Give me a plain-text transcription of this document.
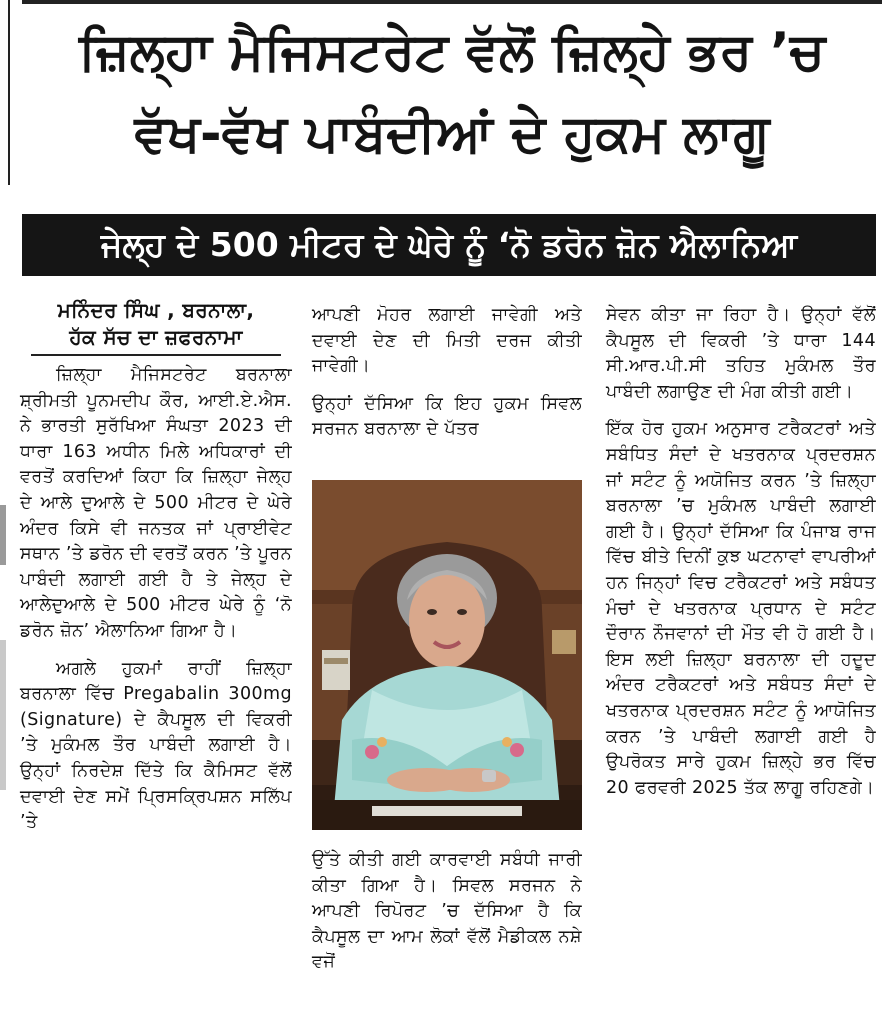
ਜ਼ਿਲ੍ਹਾ ਮੈਜਿਸਟਰੇਟ ਵੱਲੋਂ ਜ਼ਿਲ੍ਹੇ ਭਰ ’ਚ
ਵੱਖ-ਵੱਖ ਪਾਬੰਦੀਆਂ ਦੇ ਹੁਕਮ ਲਾਗੂ
ਜੇਲ੍ਹ ਦੇ 500 ਮੀਟਰ ਦੇ ਘੇਰੇ ਨੂੰ ‘ਨੋ ਡਰੋਨ ਜ਼ੋਨ ਐਲਾਨਿਆ
ਮਨਿੰਦਰ ਸਿੰਘ , ਬਰਨਾਲਾ,
ਹੱਕ ਸੱਚ ਦਾ ਜ਼ਫਰਨਾਮਾ

ਜ਼ਿਲ੍ਹਾ ਮੈਜਿਸਟਰੇਟ ਬਰਨਾਲਾ ਸ਼੍ਰੀਮਤੀ ਪੂਨਮਦੀਪ ਕੌਰ, ਆਈ.ਏ.ਐਸ. ਨੇ ਭਾਰਤੀ ਸੁਰੱਖਿਆ ਸੰਘਤਾ 2023 ਦੀ ਧਾਰਾ 163 ਅਧੀਨ ਮਿਲੇ ਅਧਿਕਾਰਾਂ ਦੀ ਵਰਤੋਂ ਕਰਦਿਆਂ ਕਿਹਾ ਕਿ ਜ਼ਿਲ੍ਹਾ ਜੇਲ੍ਹ ਦੇ ਆਲੇ ਦੁਆਲੇ ਦੇ 500 ਮੀਟਰ ਦੇ ਘੇਰੇ ਅੰਦਰ ਕਿਸੇ ਵੀ ਜਨਤਕ ਜਾਂ ਪ੍ਰਾਈਵੇਟ ਸਥਾਨ ’ਤੇ ਡਰੋਨ ਦੀ ਵਰਤੋਂ ਕਰਨ ’ਤੇ ਪੂਰਨ ਪਾਬੰਦੀ ਲਗਾਈ ਗਈ ਹੈ ਤੇ ਜੇਲ੍ਹ ਦੇ ਆਲੇਦੁਆਲੇ ਦੇ 500 ਮੀਟਰ ਘੇਰੇ ਨੂੰ ‘ਨੋ ਡਰੋਨ ਜ਼ੋਨ’ ਐਲਾਨਿਆ ਗਿਆ ਹੈ।

ਅਗਲੇ ਹੁਕਮਾਂ ਰਾਹੀਂ ਜ਼ਿਲ੍ਹਾ ਬਰਨਾਲਾ ਵਿੱਚ Pregabalin 300mg (Signature) ਦੇ ਕੈਪਸੂਲ ਦੀ ਵਿਕਰੀ ’ਤੇ ਮੁਕੰਮਲ ਤੌਰ ਪਾਬੰਦੀ ਲਗਾਈ ਹੈ। ਉਨ੍ਹਾਂ ਨਿਰਦੇਸ਼ ਦਿੱਤੇ ਕਿ ਕੈਮਿਸਟ ਵੱਲੋਂ ਦਵਾਈ ਦੇਣ ਸਮੇਂ ਪ੍ਰਿਸਕ੍ਰਿਪਸ਼ਨ ਸਲਿੱਪ ’ਤੇ

ਆਪਣੀ ਮੋਹਰ ਲਗਾਈ ਜਾਵੇਗੀ ਅਤੇ ਦਵਾਈ ਦੇਣ ਦੀ ਮਿਤੀ ਦਰਜ ਕੀਤੀ ਜਾਵੇਗੀ।

ਉਨ੍ਹਾਂ ਦੱਸਿਆ ਕਿ ਇਹ ਹੁਕਮ ਸਿਵਲ ਸਰਜਨ ਬਰਨਾਲਾ ਦੇ ਪੱਤਰ

ਉੱਤੇ ਕੀਤੀ ਗਈ ਕਾਰਵਾਈ ਸਬੰਧੀ ਜਾਰੀ ਕੀਤਾ ਗਿਆ ਹੈ। ਸਿਵਲ ਸਰਜਨ ਨੇ ਆਪਣੀ ਰਿਪੋਰਟ ’ਚ ਦੱਸਿਆ ਹੈ ਕਿ ਕੈਪਸੂਲ ਦਾ ਆਮ ਲੋਕਾਂ ਵੱਲੋਂ ਮੈਡੀਕਲ ਨਸ਼ੇ ਵਜੋਂ

ਸੇਵਨ ਕੀਤਾ ਜਾ ਰਿਹਾ ਹੈ। ਉਨ੍ਹਾਂ ਵੱਲੋਂ ਕੈਪਸੂਲ ਦੀ ਵਿਕਰੀ ’ਤੇ ਧਾਰਾ 144 ਸੀ.ਆਰ.ਪੀ.ਸੀ ਤਹਿਤ ਮੁਕੰਮਲ ਤੌਰ ਪਾਬੰਦੀ ਲਗਾਉਣ ਦੀ ਮੰਗ ਕੀਤੀ ਗਈ।

ਇੱਕ ਹੋਰ ਹੁਕਮ ਅਨੁਸਾਰ ਟਰੈਕਟਰਾਂ ਅਤੇ ਸਬੰਧਿਤ ਸੰਦਾਂ ਦੇ ਖਤਰਨਾਕ ਪ੍ਰਦਰਸ਼ਨ ਜਾਂ ਸਟੰਟ ਨੂੰ ਅਯੋਜਿਤ ਕਰਨ ’ਤੇ ਜ਼ਿਲ੍ਹਾ ਬਰਨਾਲਾ ’ਚ ਮੁਕੰਮਲ ਪਾਬੰਦੀ ਲਗਾਈ ਗਈ ਹੈ। ਉਨ੍ਹਾਂ ਦੱਸਿਆ ਕਿ ਪੰਜਾਬ ਰਾਜ ਵਿੱਚ ਬੀਤੇ ਦਿਨੀਂ ਕੁਝ ਘਟਨਾਵਾਂ ਵਾਪਰੀਆਂ ਹਨ ਜਿਨ੍ਹਾਂ ਵਿਚ ਟਰੈਕਟਰਾਂ ਅਤੇ ਸਬੰਧਤ ਮੰਚਾਂ ਦੇ ਖਤਰਨਾਕ ਪ੍ਰਧਾਨ ਦੇ ਸਟੰਟ ਦੌਰਾਨ ਨੌਜਵਾਨਾਂ ਦੀ ਮੌਤ ਵੀ ਹੋ ਗਈ ਹੈ। ਇਸ ਲਈ ਜ਼ਿਲ੍ਹਾ ਬਰਨਾਲਾ ਦੀ ਹਦੂਦ ਅੰਦਰ ਟਰੈਕਟਰਾਂ ਅਤੇ ਸਬੰਧਤ ਸੰਦਾਂ ਦੇ ਖਤਰਨਾਕ ਪ੍ਰਦਰਸ਼ਨ ਸਟੰਟ ਨੂੰ ਆਯੋਜਿਤ ਕਰਨ ’ਤੇ ਪਾਬੰਦੀ ਲਗਾਈ ਗਈ ਹੈ ਉਪਰੋਕਤ ਸਾਰੇ ਹੁਕਮ ਜ਼ਿਲ੍ਹੇ ਭਰ ਵਿੱਚ 20 ਫਰਵਰੀ 2025 ਤੱਕ ਲਾਗੂ ਰਹਿਣਗੇ।
